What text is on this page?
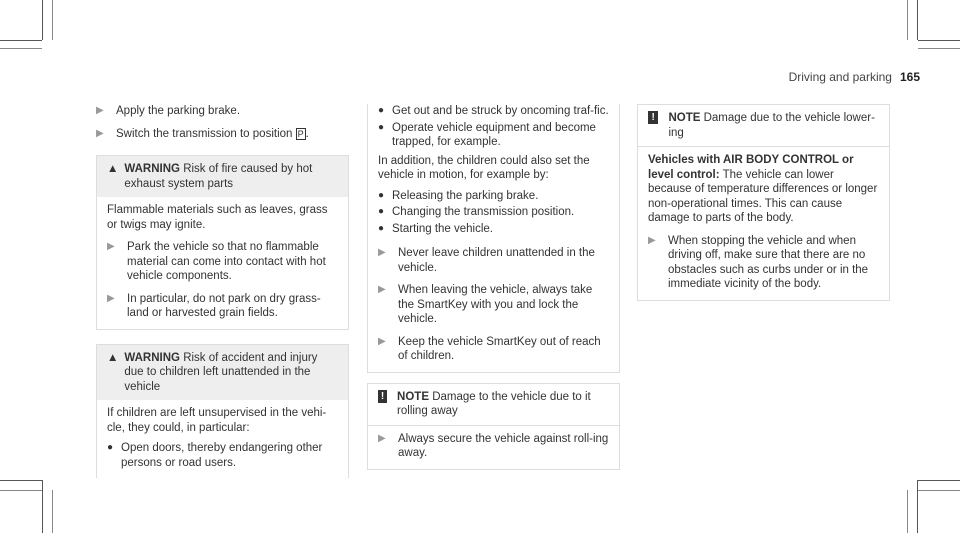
Driving and parking 165
▶	Apply the parking brake.
▶	Switch the transmission to position P .
▲ WARNING Risk of fire caused by hot exhaust system parts

Flammable materials such as leaves, grass or twigs may ignite.

▶	Park the vehicle so that no flammable material can come into contact with hot vehicle components.
▶	In particular, do not park on dry grass-land or harvested grain fields.
▲ WARNING Risk of accident and injury due to children left unattended in the vehicle

If children are left unsupervised in the vehi-cle, they could, in particular:

● Open doors, thereby endangering other persons or road users.
● Get out and be struck by oncoming traf-fic.
● Operate vehicle equipment and become trapped, for example.

In addition, the children could also set the vehicle in motion, for example by:

● Releasing the parking brake.
● Changing the transmission position.
● Starting the vehicle.
▶	Never leave children unattended in the vehicle.
▶	When leaving the vehicle, always take the SmartKey with you and lock the vehicle.
▶	Keep the vehicle SmartKey out of reach of children.
! NOTE Damage to the vehicle due to it rolling away
▶	Always secure the vehicle against roll-ing away.
!	NOTE Damage due to the vehicle lower-ing

Vehicles with AIR BODY CONTROL or level control: The vehicle can lower because of temperature differences or longer non-operational times. This can cause damage to parts of the body.

▶	When stopping the vehicle and when driving off, make sure that there are no obstacles such as curbs under or in the immediate vicinity of the body.
